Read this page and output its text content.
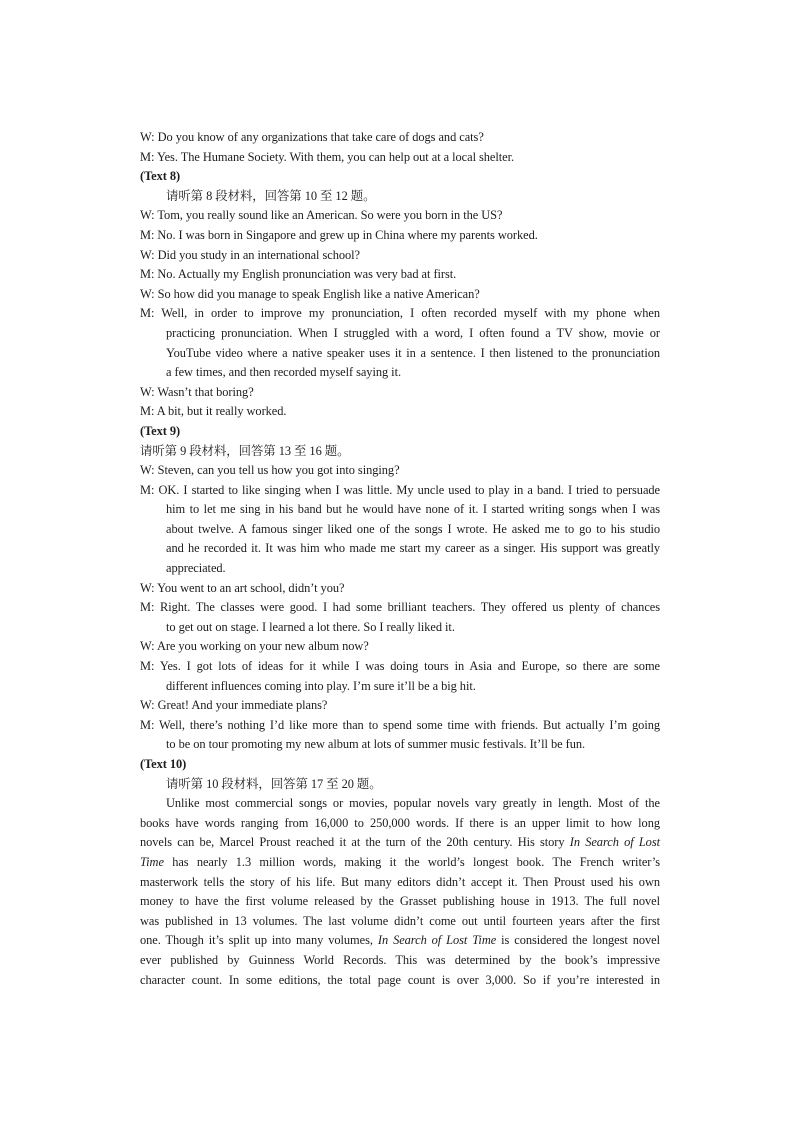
W: Do you know of any organizations that take care of dogs and cats?
M: Yes. The Humane Society. With them, you can help out at a local shelter.
(Text 8)
请听第 8 段材料，回答第 10 至 12 题。
W: Tom, you really sound like an American. So were you born in the US?
M: No. I was born in Singapore and grew up in China where my parents worked.
W: Did you study in an international school?
M: No. Actually my English pronunciation was very bad at first.
W: So how did you manage to speak English like a native American?
M: Well, in order to improve my pronunciation, I often recorded myself with my phone when
practicing pronunciation. When I struggled with a word, I often found a TV show, movie or
YouTube video where a native speaker uses it in a sentence. I then listened to the pronunciation
a few times, and then recorded myself saying it.
W: Wasn’t that boring?
M: A bit, but it really worked.
(Text 9)
请听第 9 段材料，回答第 13 至 16 题。
W: Steven, can you tell us how you got into singing?
M: OK. I started to like singing when I was little. My uncle used to play in a band. I tried to persuade
him to let me sing in his band but he would have none of it. I started writing songs when I was
about twelve. A famous singer liked one of the songs I wrote. He asked me to go to his studio
and he recorded it. It was him who made me start my career as a singer. His support was greatly
appreciated.
W: You went to an art school, didn’t you?
M: Right. The classes were good. I had some brilliant teachers. They offered us plenty of chances
to get out on stage. I learned a lot there. So I really liked it.
W: Are you working on your new album now?
M: Yes. I got lots of ideas for it while I was doing tours in Asia and Europe, so there are some
different influences coming into play. I’m sure it’ll be a big hit.
W: Great! And your immediate plans?
M: Well, there’s nothing I’d like more than to spend some time with friends. But actually I’m going
to be on tour promoting my new album at lots of summer music festivals. It’ll be fun.
(Text 10)
请听第 10 段材料，回答第 17 至 20 题。
Unlike most commercial songs or movies, popular novels vary greatly in length. Most of the
books have words ranging from 16,000 to 250,000 words. If there is an upper limit to how long
novels can be, Marcel Proust reached it at the turn of the 20th century. His story In Search of Lost
Time has nearly 1.3 million words, making it the world’s longest book. The French writer’s
masterwork tells the story of his life. But many editors didn’t accept it. Then Proust used his own
money to have the first volume released by the Grasset publishing house in 1913. The full novel
was published in 13 volumes. The last volume didn’t come out until fourteen years after the first
one. Though it’s split up into many volumes, In Search of Lost Time is considered the longest novel
ever published by Guinness World Records. This was determined by the book’s impressive
character count. In some editions, the total page count is over 3,000. So if you’re interested in
